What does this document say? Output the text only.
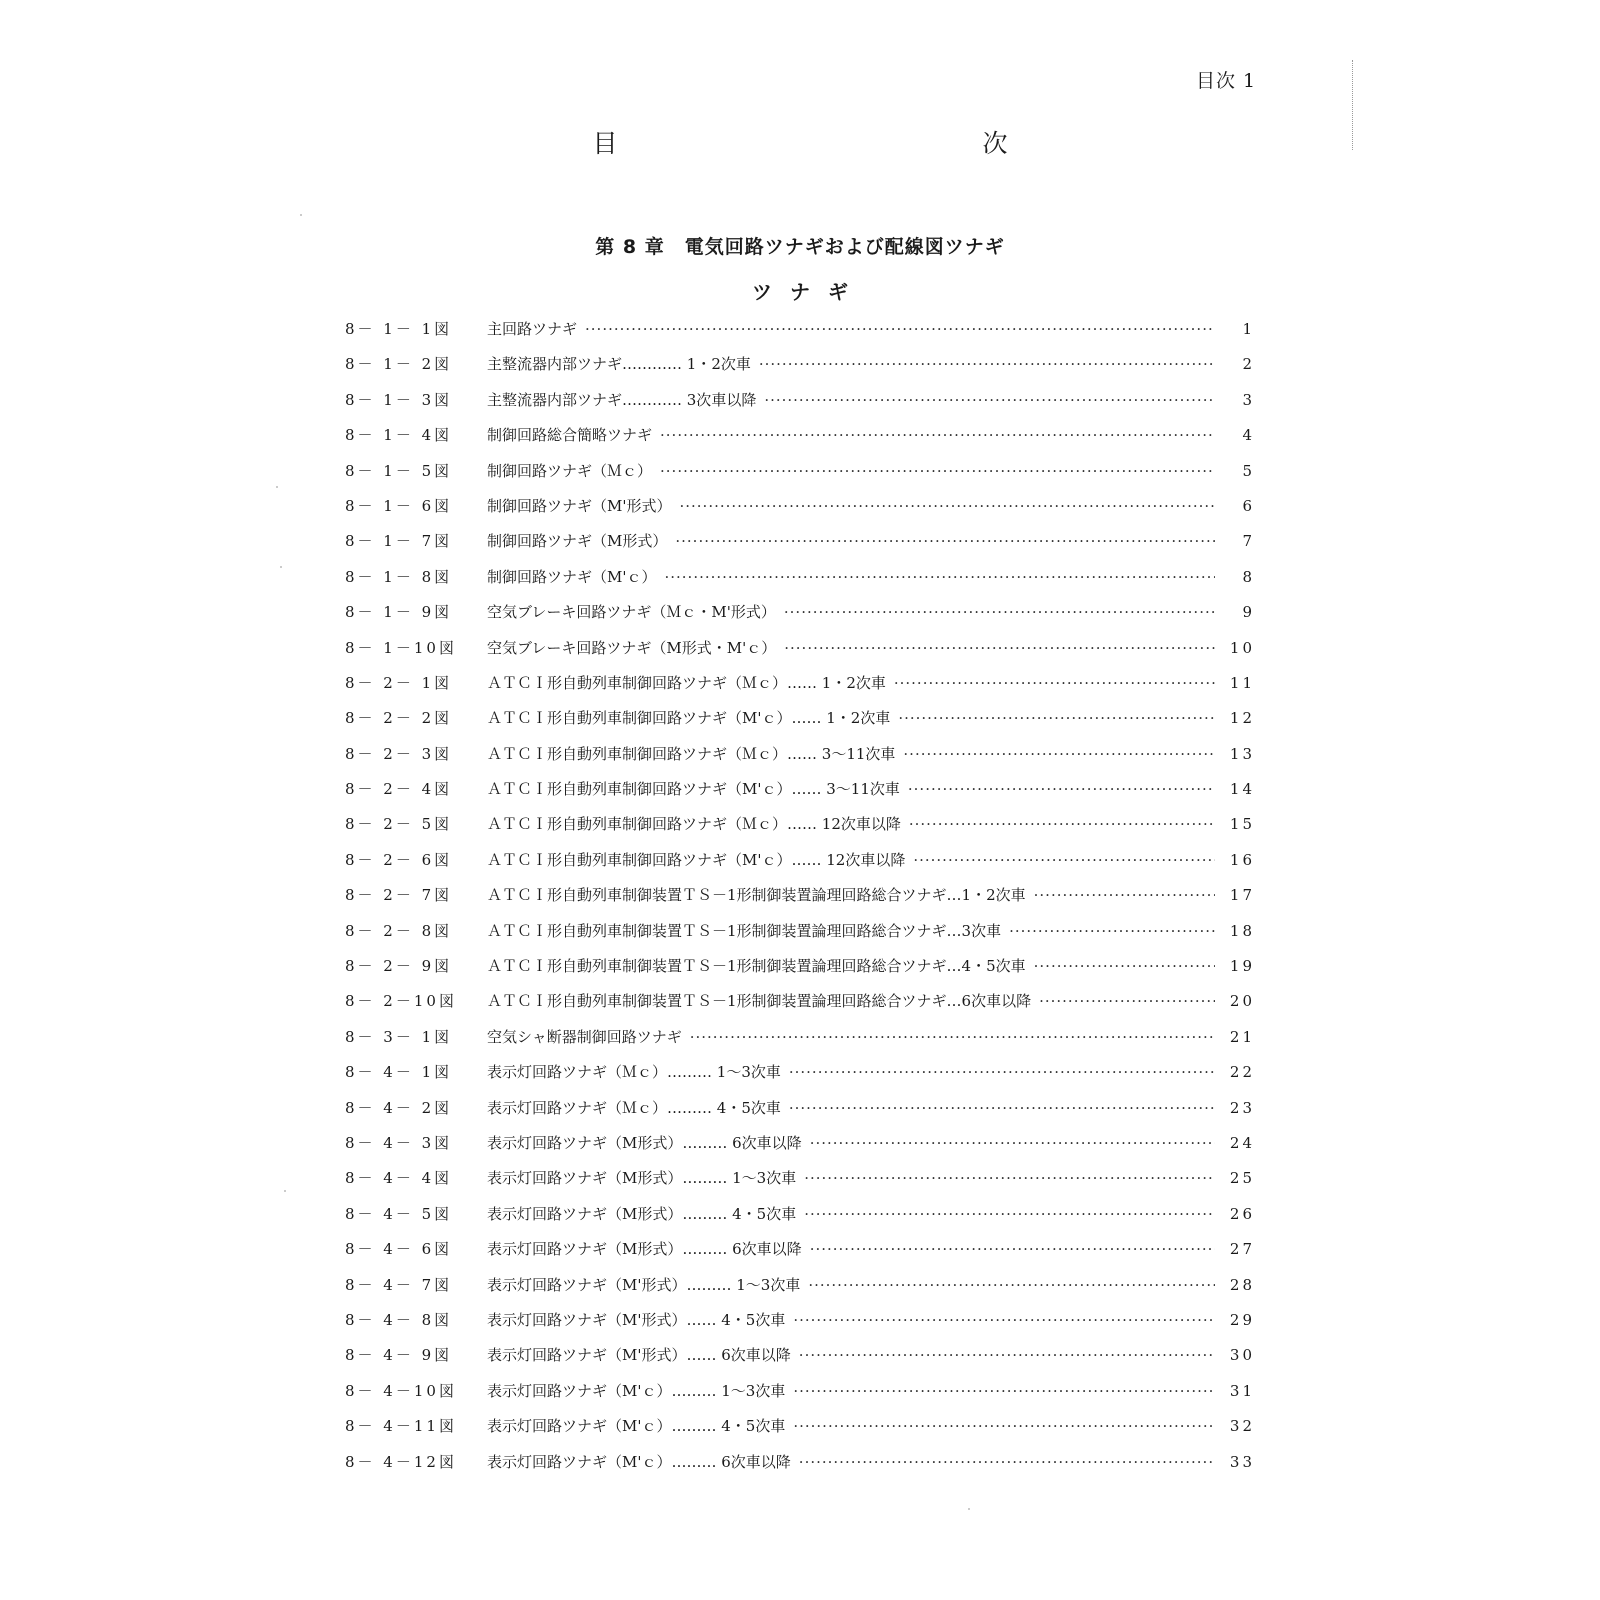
目次 1
目　次
第 8 章　電気回路ツナギおよび配線図ツナギ
ツナギ
8－ 1－ 1図	主回路ツナギ ·····	1
8－ 1－ 2図	主整流器内部ツナギ………… 1・2次車 ·····	2
8－ 1－ 3図	主整流器内部ツナギ………… 3次車以降 ·····	3
8－ 1－ 4図	制御回路総合簡略ツナギ ·····	4
8－ 1－ 5図	制御回路ツナギ（Ｍｃ） ·····	5
8－ 1－ 6図	制御回路ツナギ（M'形式） ·····	6
8－ 1－ 7図	制御回路ツナギ（M形式） ·····	7
8－ 1－ 8図	制御回路ツナギ（M'ｃ） ·····	8
8－ 1－ 9図	空気ブレーキ回路ツナギ（Ｍｃ・M'形式） ·····	9
8－ 1－10図	空気ブレーキ回路ツナギ（M形式・M'ｃ） ·····	10
8－ 2－ 1図	ＡＴＣＩ形自動列車制御回路ツナギ（Ｍｃ）…… 1・2次車 ·····	11
8－ 2－ 2図	ＡＴＣＩ形自動列車制御回路ツナギ（M'ｃ）…… 1・2次車 ·····	12
8－ 2－ 3図	ＡＴＣＩ形自動列車制御回路ツナギ（Ｍｃ）…… 3～11次車 ·····	13
8－ 2－ 4図	ＡＴＣＩ形自動列車制御回路ツナギ（M'ｃ）…… 3～11次車 ·····	14
8－ 2－ 5図	ＡＴＣＩ形自動列車制御回路ツナギ（Ｍｃ）…… 12次車以降 ·····	15
8－ 2－ 6図	ＡＴＣＩ形自動列車制御回路ツナギ（M'ｃ）…… 12次車以降 ·····	16
8－ 2－ 7図	ＡＴＣＩ形自動列車制御装置ＴＳ－1形制御装置論理回路総合ツナギ…1・2次車 ·····	17
8－ 2－ 8図	ＡＴＣＩ形自動列車制御装置ＴＳ－1形制御装置論理回路総合ツナギ…3次車 ·····	18
8－ 2－ 9図	ＡＴＣＩ形自動列車制御装置ＴＳ－1形制御装置論理回路総合ツナギ…4・5次車 ·····	19
8－ 2－10図	ＡＴＣＩ形自動列車制御装置ＴＳ－1形制御装置論理回路総合ツナギ…6次車以降 ·····	20
8－ 3－ 1図	空気シャ断器制御回路ツナギ ·····	21
8－ 4－ 1図	表示灯回路ツナギ（Ｍｃ）……… 1～3次車 ·····	22
8－ 4－ 2図	表示灯回路ツナギ（Ｍｃ）……… 4・5次車 ·····	23
8－ 4－ 3図	表示灯回路ツナギ（M形式）……… 6次車以降 ·····	24
8－ 4－ 4図	表示灯回路ツナギ（M形式）……… 1～3次車 ·····	25
8－ 4－ 5図	表示灯回路ツナギ（M形式）……… 4・5次車 ·····	26
8－ 4－ 6図	表示灯回路ツナギ（M形式）……… 6次車以降 ·····	27
8－ 4－ 7図	表示灯回路ツナギ（M'形式）……… 1～3次車 ·····	28
8－ 4－ 8図	表示灯回路ツナギ（M'形式）…… 4・5次車 ·····	29
8－ 4－ 9図	表示灯回路ツナギ（M'形式）…… 6次車以降 ·····	30
8－ 4－10図	表示灯回路ツナギ（M'ｃ）……… 1～3次車 ·····	31
8－ 4－11図	表示灯回路ツナギ（M'ｃ）……… 4・5次車 ·····	32
8－ 4－12図	表示灯回路ツナギ（M'ｃ）……… 6次車以降 ·····	33
